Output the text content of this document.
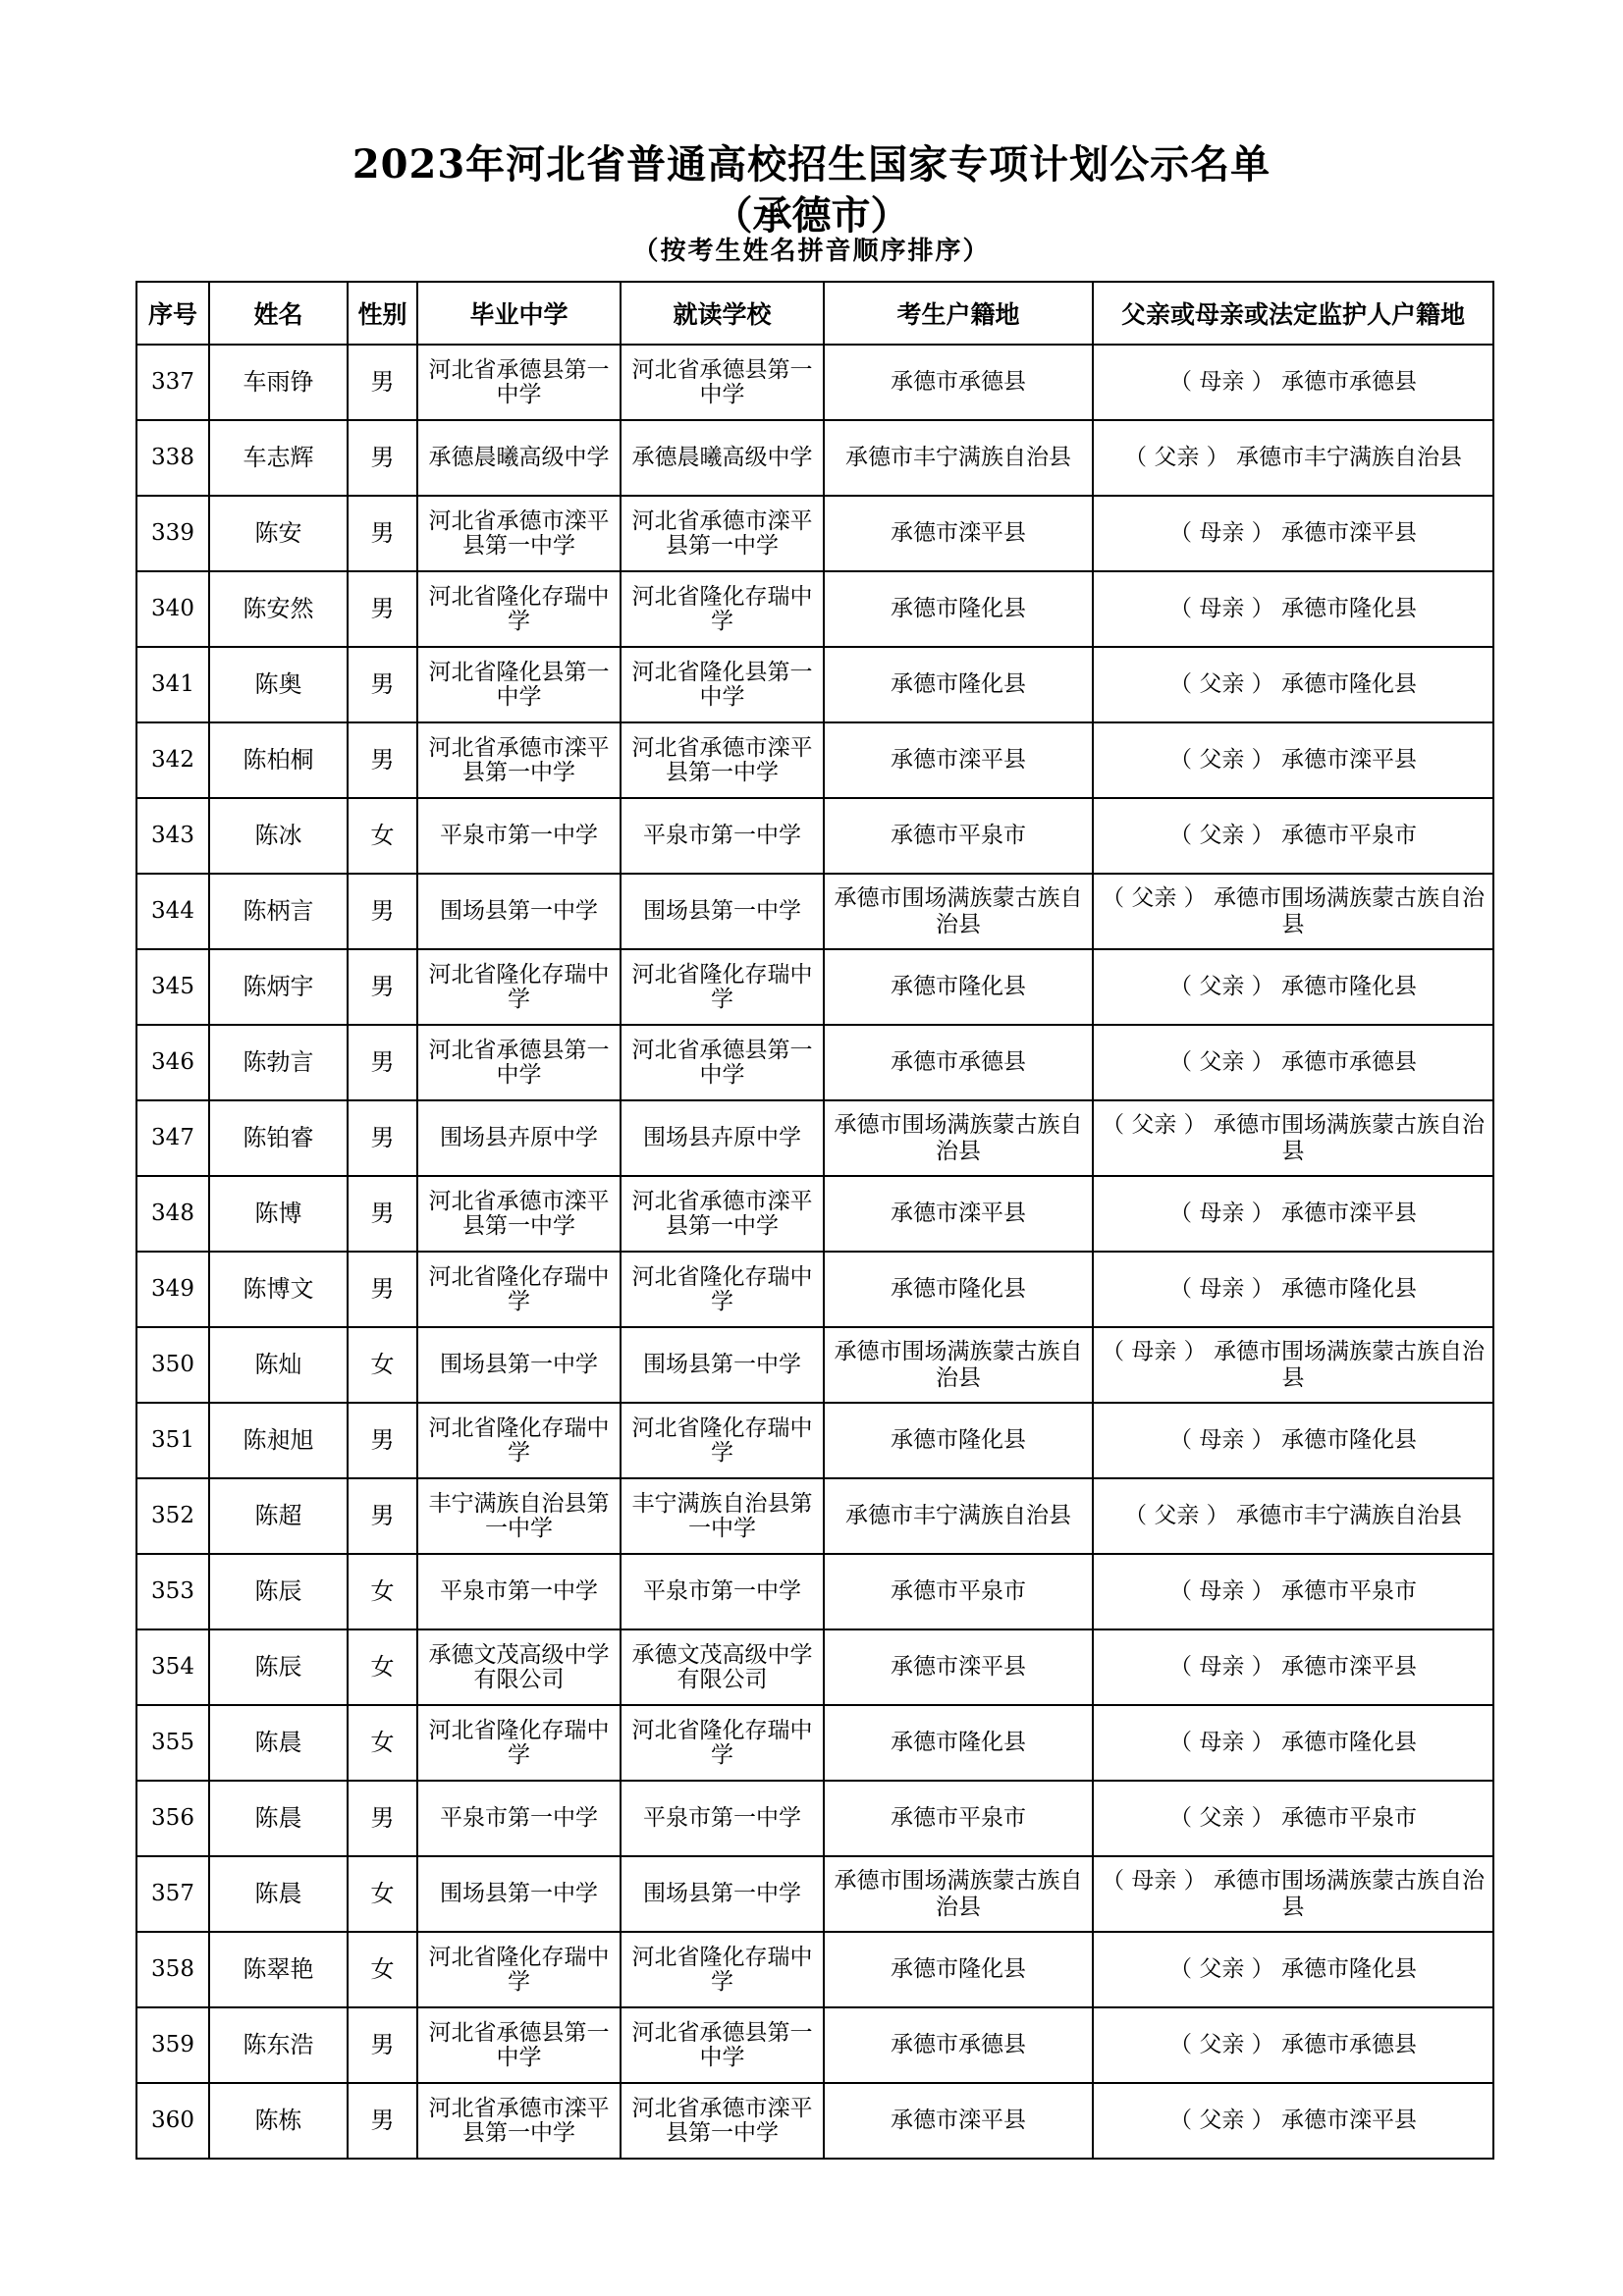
2023年河北省普通高校招生国家专项计划公示名单
（承德市）
（按考生姓名拼音顺序排序）
序号	姓名	性别	毕业中学	就读学校	考生户籍地	父亲或母亲或法定监护人户籍地
337	车雨铮	男	河北省承德县第一中学	河北省承德县第一中学	承德市承德县	（ 母亲 ） 承德市承德县
338	车志辉	男	承德晨曦高级中学	承德晨曦高级中学	承德市丰宁满族自治县	（ 父亲 ） 承德市丰宁满族自治县
339	陈安	男	河北省承德市滦平县第一中学	河北省承德市滦平县第一中学	承德市滦平县	（ 母亲 ） 承德市滦平县
340	陈安然	男	河北省隆化存瑞中学	河北省隆化存瑞中学	承德市隆化县	（ 母亲 ） 承德市隆化县
341	陈奥	男	河北省隆化县第一中学	河北省隆化县第一中学	承德市隆化县	（ 父亲 ） 承德市隆化县
342	陈柏桐	男	河北省承德市滦平县第一中学	河北省承德市滦平县第一中学	承德市滦平县	（ 父亲 ） 承德市滦平县
343	陈冰	女	平泉市第一中学	平泉市第一中学	承德市平泉市	（ 父亲 ） 承德市平泉市
344	陈柄言	男	围场县第一中学	围场县第一中学	承德市围场满族蒙古族自治县	（ 父亲 ） 承德市围场满族蒙古族自治县
345	陈炳宇	男	河北省隆化存瑞中学	河北省隆化存瑞中学	承德市隆化县	（ 父亲 ） 承德市隆化县
346	陈勃言	男	河北省承德县第一中学	河北省承德县第一中学	承德市承德县	（ 父亲 ） 承德市承德县
347	陈铂睿	男	围场县卉原中学	围场县卉原中学	承德市围场满族蒙古族自治县	（ 父亲 ） 承德市围场满族蒙古族自治县
348	陈博	男	河北省承德市滦平县第一中学	河北省承德市滦平县第一中学	承德市滦平县	（ 母亲 ） 承德市滦平县
349	陈博文	男	河北省隆化存瑞中学	河北省隆化存瑞中学	承德市隆化县	（ 母亲 ） 承德市隆化县
350	陈灿	女	围场县第一中学	围场县第一中学	承德市围场满族蒙古族自治县	（ 母亲 ） 承德市围场满族蒙古族自治县
351	陈昶旭	男	河北省隆化存瑞中学	河北省隆化存瑞中学	承德市隆化县	（ 母亲 ） 承德市隆化县
352	陈超	男	丰宁满族自治县第一中学	丰宁满族自治县第一中学	承德市丰宁满族自治县	（ 父亲 ） 承德市丰宁满族自治县
353	陈辰	女	平泉市第一中学	平泉市第一中学	承德市平泉市	（ 母亲 ） 承德市平泉市
354	陈辰	女	承德文茂高级中学有限公司	承德文茂高级中学有限公司	承德市滦平县	（ 母亲 ） 承德市滦平县
355	陈晨	女	河北省隆化存瑞中学	河北省隆化存瑞中学	承德市隆化县	（ 母亲 ） 承德市隆化县
356	陈晨	男	平泉市第一中学	平泉市第一中学	承德市平泉市	（ 父亲 ） 承德市平泉市
357	陈晨	女	围场县第一中学	围场县第一中学	承德市围场满族蒙古族自治县	（ 母亲 ） 承德市围场满族蒙古族自治县
358	陈翠艳	女	河北省隆化存瑞中学	河北省隆化存瑞中学	承德市隆化县	（ 父亲 ） 承德市隆化县
359	陈东浩	男	河北省承德县第一中学	河北省承德县第一中学	承德市承德县	（ 父亲 ） 承德市承德县
360	陈栋	男	河北省承德市滦平县第一中学	河北省承德市滦平县第一中学	承德市滦平县	（ 父亲 ） 承德市滦平县
